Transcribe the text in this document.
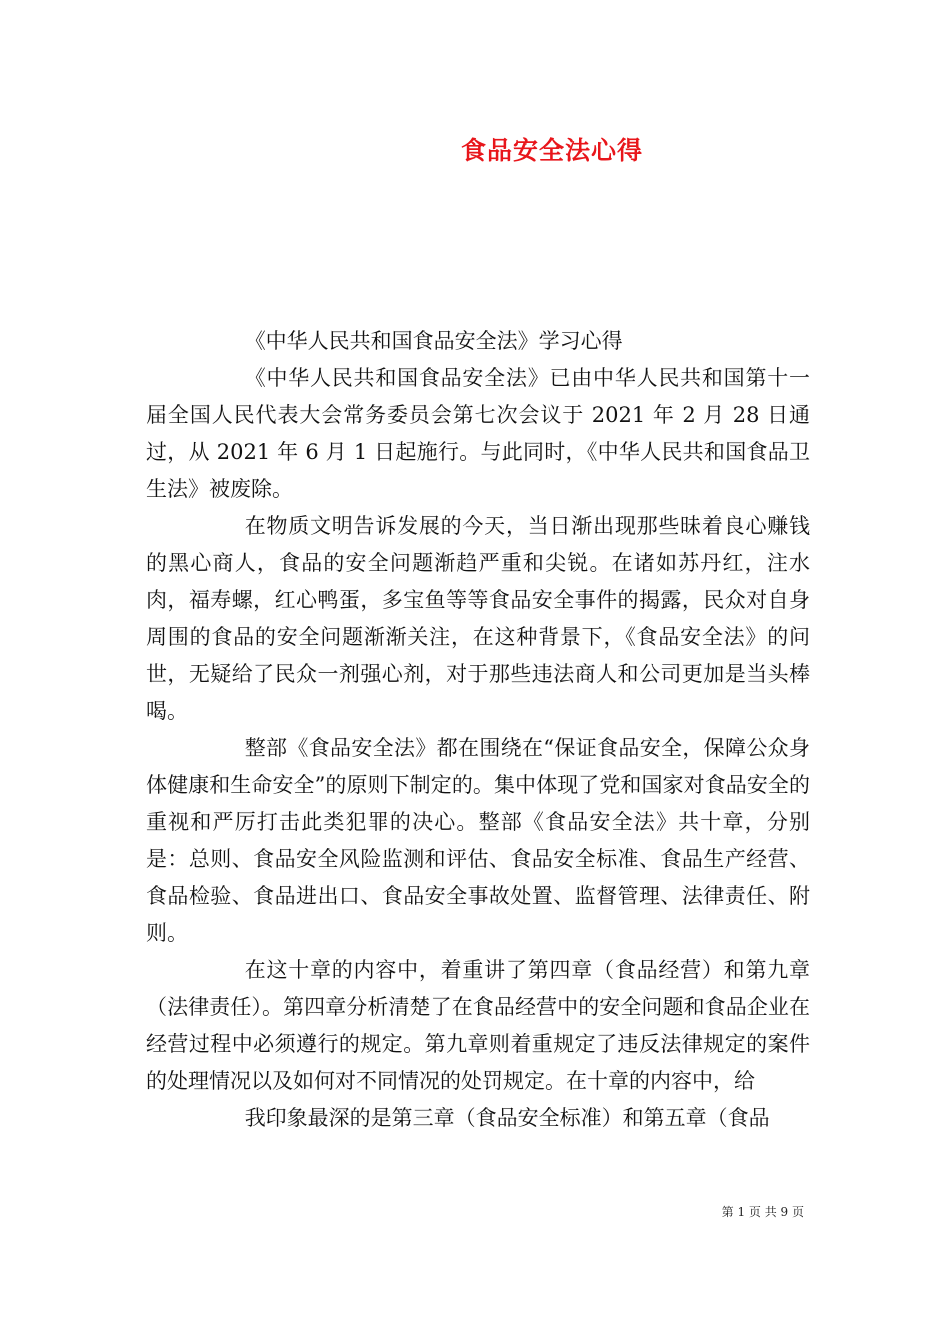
食品安全法心得

《中华人民共和国食品安全法》学习心得

《中华人民共和国食品安全法》已由中华人民共和国第十一届全国人民代表大会常务委员会第七次会议于 2021 年 2 月 28 日通过，从 2021 年 6 月 1 日起施行。与此同时，《中华人民共和国食品卫生法》被废除。

在物质文明告诉发展的今天，当日渐出现那些昧着良心赚钱的黑心商人，食品的安全问题渐趋严重和尖锐。在诸如苏丹红，注水肉，福寿螺，红心鸭蛋，多宝鱼等等食品安全事件的揭露，民众对自身周围的食品的安全问题渐渐关注，在这种背景下，《食品安全法》的问世，无疑给了民众一剂强心剂，对于那些违法商人和公司更加是当头棒喝。

整部《食品安全法》都在围绕在“保证食品安全，保障公众身体健康和生命安全”的原则下制定的。集中体现了党和国家对食品安全的重视和严厉打击此类犯罪的决心。整部《食品安全法》共十章，分别是：总则、食品安全风险监测和评估、食品安全标准、食品生产经营、食品检验、食品进出口、食品安全事故处置、监督管理、法律责任、附则。

在这十章的内容中，着重讲了第四章（食品经营）和第九章（法律责任）。第四章分析清楚了在食品经营中的安全问题和食品企业在经营过程中必须遵行的规定。第九章则着重规定了违反法律规定的案件的处理情况以及如何对不同情况的处罚规定。在十章的内容中，给

我印象最深的是第三章（食品安全标准）和第五章（食品

第 1 页 共 9 页
